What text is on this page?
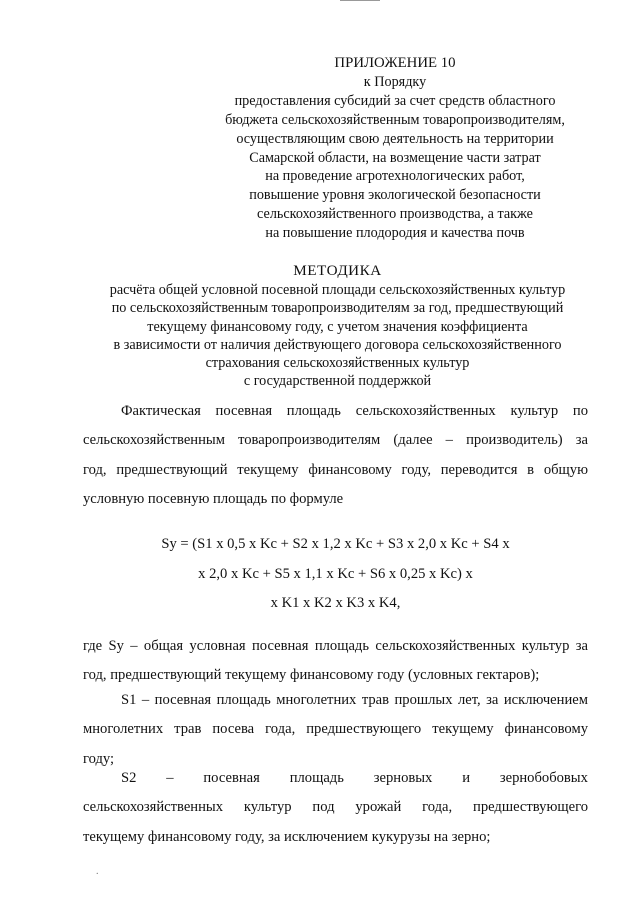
ПРИЛОЖЕНИЕ 10
к Порядку
предоставления субсидий за счет средств областного
бюджета сельскохозяйственным товаропроизводителям,
осуществляющим свою деятельность на территории
Самарской области, на возмещение части затрат
на проведение агротехнологических работ,
повышение уровня экологической безопасности
сельскохозяйственного производства, а также
на повышение плодородия и качества почв
МЕТОДИКА
расчёта общей условной посевной площади сельскохозяйственных культур
по сельскохозяйственным товаропроизводителям за год, предшествующий
текущему финансовому году, с учетом значения коэффициента
в зависимости от наличия действующего договора сельскохозяйственного
страхования сельскохозяйственных культур
с государственной поддержкой
Фактическая посевная площадь сельскохозяйственных культур по
сельскохозяйственным товаропроизводителям (далее – производитель) за
год, предшествующий текущему финансовому году, переводится в общую
условную посевную площадь по формуле
Sу = (S1 x 0,5 x Kс + S2 x 1,2 x Kс + S3 x 2,0 x Kс + S4 x
x 2,0 x Kс + S5 x 1,1 x Kс + S6 x 0,25 x Kс) x
x K1 x K2 x K3 x K4,
где Sу – общая условная посевная площадь сельскохозяйственных культур за
год, предшествующий текущему финансовому году (условных гектаров);
S1 – посевная площадь многолетних трав прошлых лет, за исключением
многолетних трав посева года, предшествующего текущему финансовому
году;
S2 – посевная площадь зерновых и зернобобовых
сельскохозяйственных культур под урожай года, предшествующего
текущему финансовому году, за исключением кукурузы на зерно;
.
